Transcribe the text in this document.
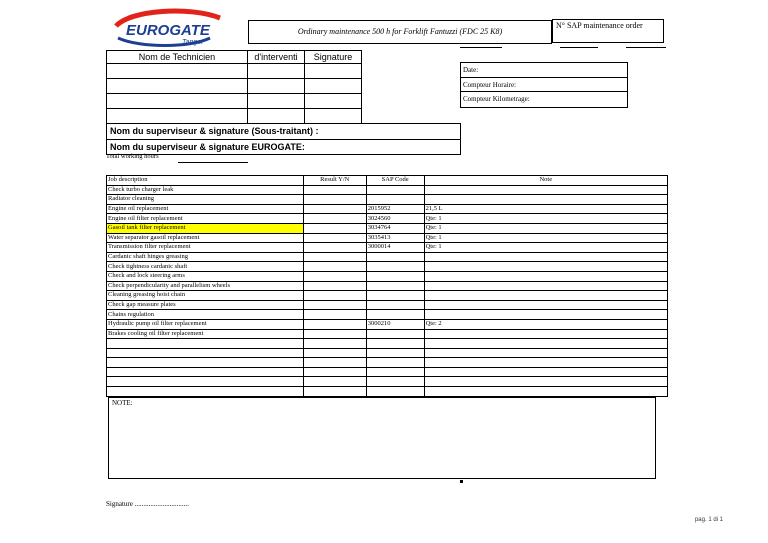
EUROGATE
Tanger
Ordinary maintenance 500 h for Forklift Fantuzzi (FDC 25 K8)
N° SAP maintenance order
Nom de Technicien	d'interventi	Signature

Date:
Compteur Horaire:
Compteur Kilometrage:
Nom du superviseur & signature (Sous-traitant) :
Nom du superviseur & signature EUROGATE:
Total working hours
Job description	Result Y/N	SAP Code	Note
Check turbo charger leak			
Radiator cleaning			
Engine oil replacement		2015952	21,5 L
Engine oil filter replacement		3024560	Qte: 1
Gasoil tank filter replacement		3034764	Qte: 1
Water separator gasoil replacement		3035413	Qte: 1
Transmission filter replacement		3000014	Qte: 1
Cardanic shaft hinges greasing			
Check tightness cardanic shaft			
Check and lock steering arms			
Check perpendicularity and parallelism wheels			
Cleaning greasing hoist chain			
Check gap measure plates			
Chains regulation			
Hydraulic pump oil filter replacement		3000210	Qte: 2
Brakes cooling oil filter replacement			

NOTE:
Signature ...............................
pag. 1 di 1
